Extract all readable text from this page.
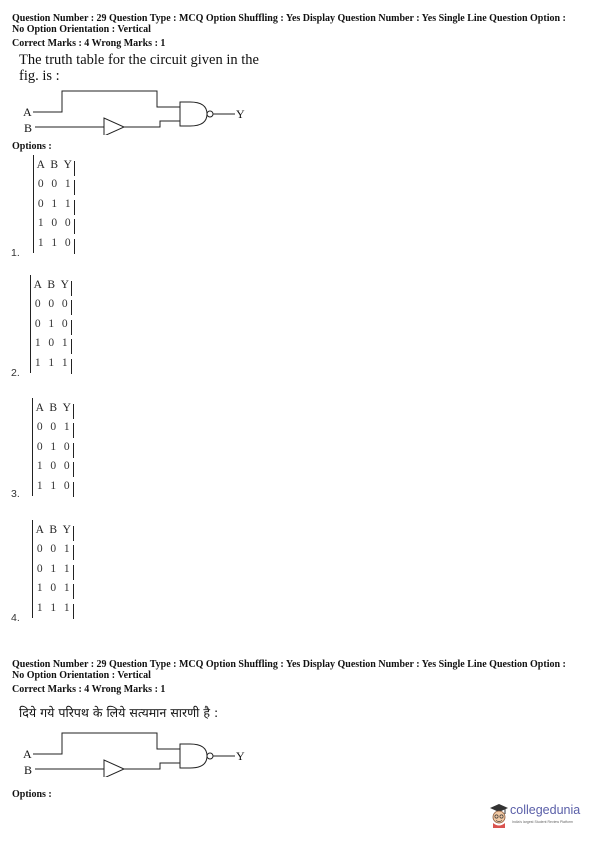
Question Number : 29 Question Type : MCQ Option Shuffling : Yes Display Question Number : Yes Single Line Question Option :
No Option Orientation : Vertical
Correct Marks : 4 Wrong Marks : 1
The truth table for the circuit given in the
fig. is :
A
B
Y
Options :
A B Y
0 0 1
0 1 1
1 0 0
1 1 0
1.
A B Y
0 0 0
0 1 0
1 0 1
1 1 1
2.
A B Y
0 0 1
0 1 0
1 0 0
1 1 0
3.
A B Y
0 0 1
0 1 1
1 0 1
1 1 1
4.
Question Number : 29 Question Type : MCQ Option Shuffling : Yes Display Question Number : Yes Single Line Question Option :
No Option Orientation : Vertical
Correct Marks : 4 Wrong Marks : 1
दिये गये परिपथ के लिये सत्यमान सारणी है :
A
B
Y
Options :
collegedunia
India's largest Student Review Platform
